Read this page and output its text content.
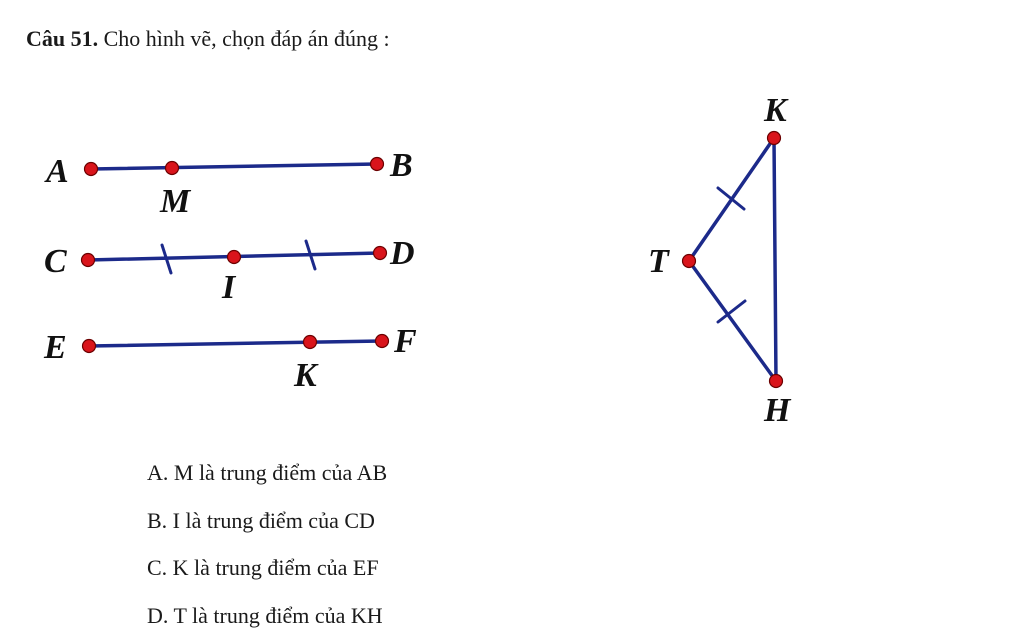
Câu 51. Cho hình vẽ, chọn đáp án đúng :
A
M
B
C
I
D
E
K
F
K
T
H
A. M là trung điểm của AB
B. I là trung điểm của CD
C. K là trung điểm của EF
D. T là trung điểm của KH
